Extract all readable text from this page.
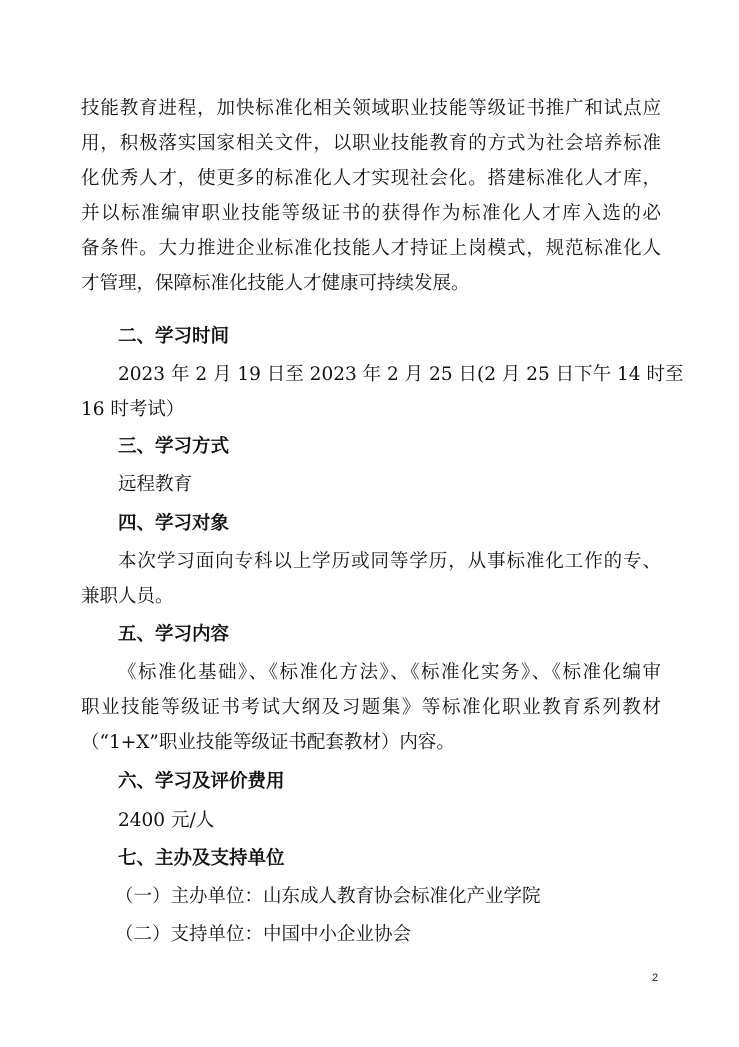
技能教育进程，加快标准化相关领域职业技能等级证书推广和试点应
用，积极落实国家相关文件，以职业技能教育的方式为社会培养标准
化优秀人才，使更多的标准化人才实现社会化。搭建标准化人才库，
并以标准编审职业技能等级证书的获得作为标准化人才库入选的必
备条件。大力推进企业标准化技能人才持证上岗模式，规范标准化人
才管理，保障标准化技能人才健康可持续发展。
二、学习时间
2023 年 2 月 19 日至 2023 年 2 月 25 日(2 月 25 日下午 14 时至
16 时考试）
三、学习方式
远程教育
四、学习对象
本次学习面向专科以上学历或同等学历，从事标准化工作的专、
兼职人员。
五、学习内容
《标准化基础》、《标准化方法》、《标准化实务》、《标准化编审
职业技能等级证书考试大纲及习题集》等标准化职业教育系列教材
（“1+X”职业技能等级证书配套教材）内容。
六、学习及评价费用
2400 元/人
七、主办及支持单位
（一）主办单位：山东成人教育协会标准化产业学院
（二）支持单位：中国中小企业协会
2
